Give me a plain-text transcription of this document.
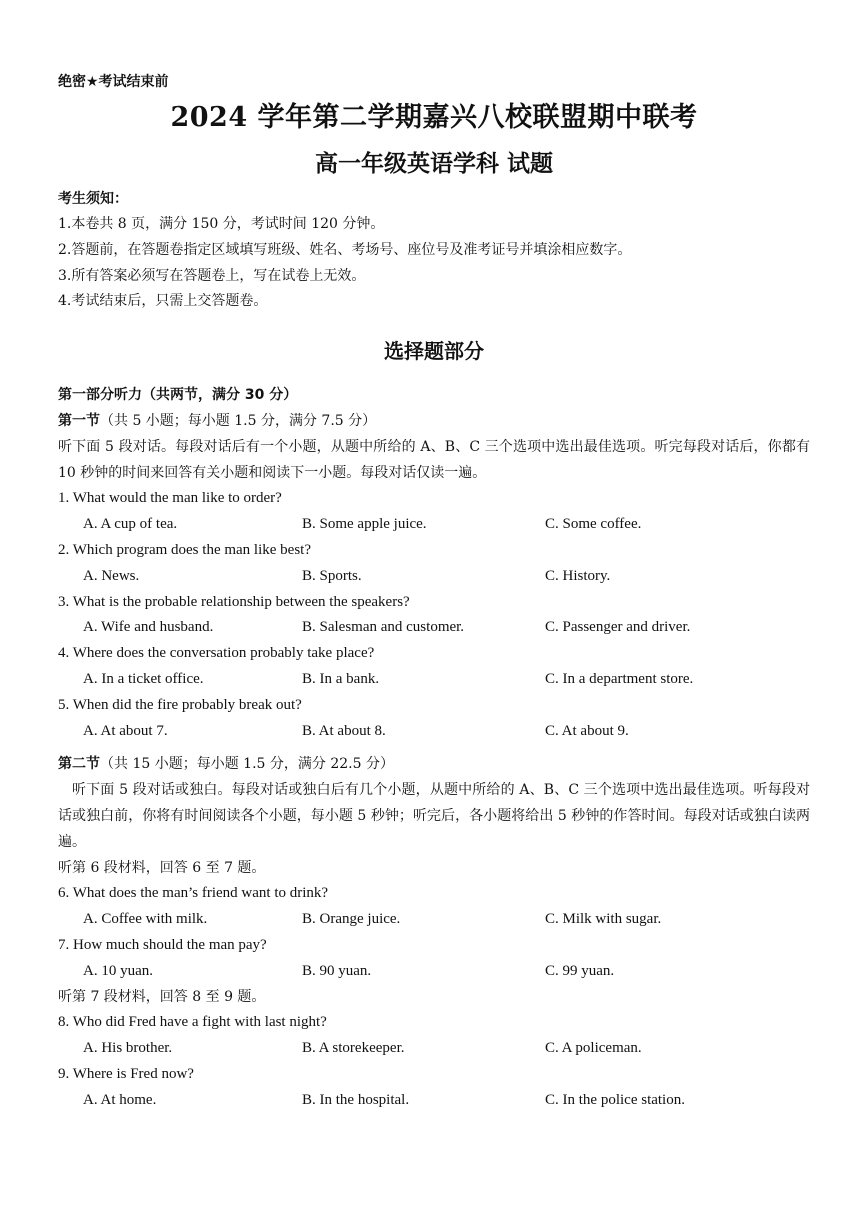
绝密★考试结束前
2024 学年第二学期嘉兴八校联盟期中联考
高一年级英语学科 试题
考生须知：
1.本卷共 8 页，满分 150 分，考试时间 120 分钟。
2.答题前，在答题卷指定区域填写班级、姓名、考场号、座位号及准考证号并填涂相应数字。
3.所有答案必须写在答题卷上，写在试卷上无效。
4.考试结束后，只需上交答题卷。
选择题部分
第一部分听力（共两节，满分 30 分）
第一节（共 5 小题；每小题 1.5 分，满分 7.5 分）
听下面 5 段对话。每段对话后有一个小题，从题中所给的 A、B、C 三个选项中选出最佳选项。听完每段对话后，你都有 10 秒钟的时间来回答有关小题和阅读下一小题。每段对话仅读一遍。
1. What would the man like to order?
A. A cup of tea.	B. Some apple juice.	C. Some coffee.
2. Which program does the man like best?
A. News.	B. Sports.	C. History.
3. What is the probable relationship between the speakers?
A. Wife and husband.	B. Salesman and customer.	C. Passenger and driver.
4. Where does the conversation probably take place?
A. In a ticket office.	B. In a bank.	C. In a department store.
5. When did the fire probably break out?
A. At about 7.	B. At about 8.	C. At about 9.
第二节（共 15 小题；每小题 1.5 分，满分 22.5 分）
听下面 5 段对话或独白。每段对话或独白后有几个小题，从题中所给的 A、B、C 三个选项中选出最佳选项。听每段对话或独白前，你将有时间阅读各个小题，每小题 5 秒钟；听完后，各小题将给出 5 秒钟的作答时间。每段对话或独白读两遍。
听第 6 段材料，回答 6 至 7 题。
6. What does the man’s friend want to drink?
A. Coffee with milk.	B. Orange juice.	C. Milk with sugar.
7. How much should the man pay?
A. 10 yuan.	B. 90 yuan.	C. 99 yuan.
听第 7 段材料，回答 8 至 9 题。
8. Who did Fred have a fight with last night?
A. His brother.	B. A storekeeper.	C. A policeman.
9. Where is Fred now?
A. At home.	B. In the hospital.	C. In the police station.
